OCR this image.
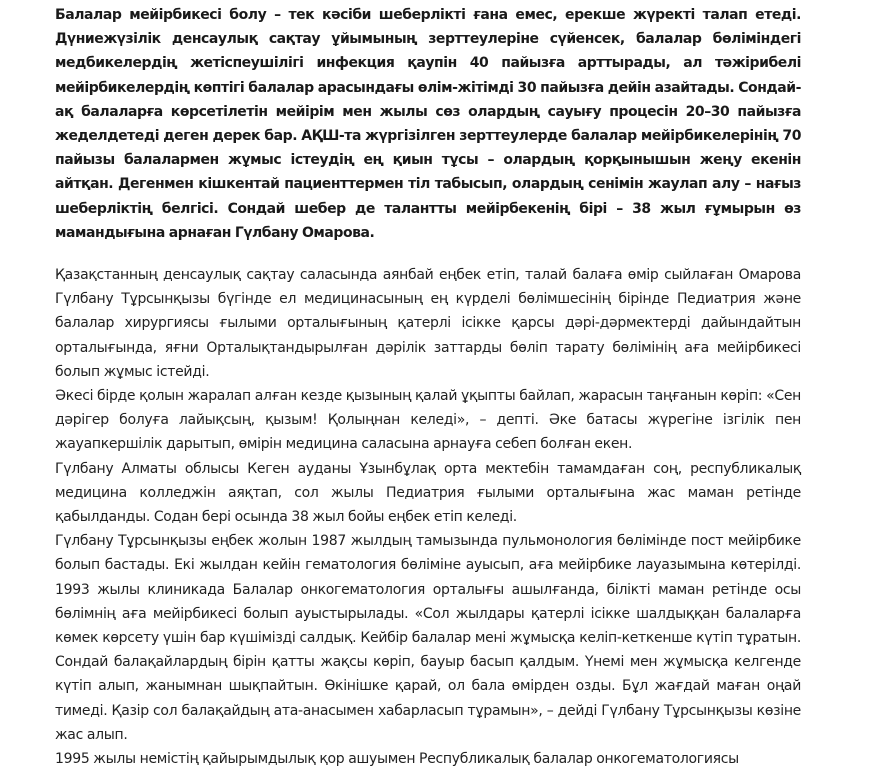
Балалар мейірбикесі болу – тек кәсіби шеберлікті ғана емес, ерекше жүректі талап етеді. Дүниежүзілік денсаулық сақтау ұйымының зерттеулеріне сүйенсек, балалар бөліміндегі медбикелердің жетіспеушілігі инфекция қаупін 40 пайызға арттырады, ал тәжірибелі мейірбикелердің көптігі балалар арасындағы өлім-жітімді 30 пайызға дейін азайтады. Сондай-ақ балаларға көрсетілетін мейірім мен жылы сөз олардың сауығу процесін 20–30 пайызға жеделдетеді деген дерек бар. АҚШ-та жүргізілген зерттеулерде балалар мейірбикелерінің 70 пайызы балалармен жұмыс істеудің ең қиын тұсы – олардың қорқынышын жеңу екенін айтқан. Дегенмен кішкентай пациенттермен тіл табысып, олардың сенімін жаулап алу – нағыз шеберліктің белгісі. Сондай шебер де талантты мейірбекенің бірі – 38 жыл ғұмырын өз мамандығына арнаған Гүлбану Омарова.

Қазақстанның денсаулық сақтау саласында аянбай еңбек етіп, талай балаға өмір сыйлаған Омарова Гүлбану Тұрсынқызы бүгінде ел медицинасының ең күрделі бөлімшесінің бірінде Педиатрия және балалар хирургиясы ғылыми орталығының қатерлі ісікке қарсы дәрі-дәрмектерді дайындайтын орталығында, яғни Орталықтандырылған дәрілік заттарды бөліп тарату бөлімінің аға мейірбикесі болып жұмыс істейді.

Әкесі бірде қолын жаралап алған кезде қызының қалай ұқыпты байлап, жарасын таңғанын көріп: «Сен дәрігер болуға лайықсың, қызым! Қолыңнан келеді», – депті. Әке батасы жүрегіне ізгілік пен жауапкершілік дарытып, өмірін медицина саласына арнауға себеп болған екен.

Гүлбану Алматы облысы Кеген ауданы Ұзынбұлақ орта мектебін тамамдаған соң, республикалық медицина колледжін аяқтап, сол жылы Педиатрия ғылыми орталығына жас маман ретінде қабылданды. Содан бері осында 38 жыл бойы еңбек етіп келеді.

Гүлбану Тұрсынқызы еңбек жолын 1987 жылдың тамызында пульмонология бөлімінде пост мейірбике болып бастады. Екі жылдан кейін гематология бөліміне ауысып, аға мейірбике лауазымына көтерілді. 1993 жылы клиникада Балалар онкогематология орталығы ашылғанда, білікті маман ретінде осы бөлімнің аға мейірбикесі болып ауыстырылады. «Сол жылдары қатерлі ісікке шалдыққан балаларға көмек көрсету үшін бар күшімізді салдық. Кейбір балалар мені жұмысқа келіп-кеткенше күтіп тұратын. Сондай балақайлардың бірін қатты жақсы көріп, бауыр басып қалдым. Үнемі мен жұмысқа келгенде күтіп алып, жанымнан шықпайтын. Өкінішке қарай, ол бала өмірден озды. Бұл жағдай маған оңай тимеді. Қазір сол балақайдың ата-анасымен хабарласып тұрамын», – дейді Гүлбану Тұрсынқызы көзіне жас алып.

1995 жылы немістің қайырымдылық қор ашуымен Республикалық балалар онкогематологиясы
